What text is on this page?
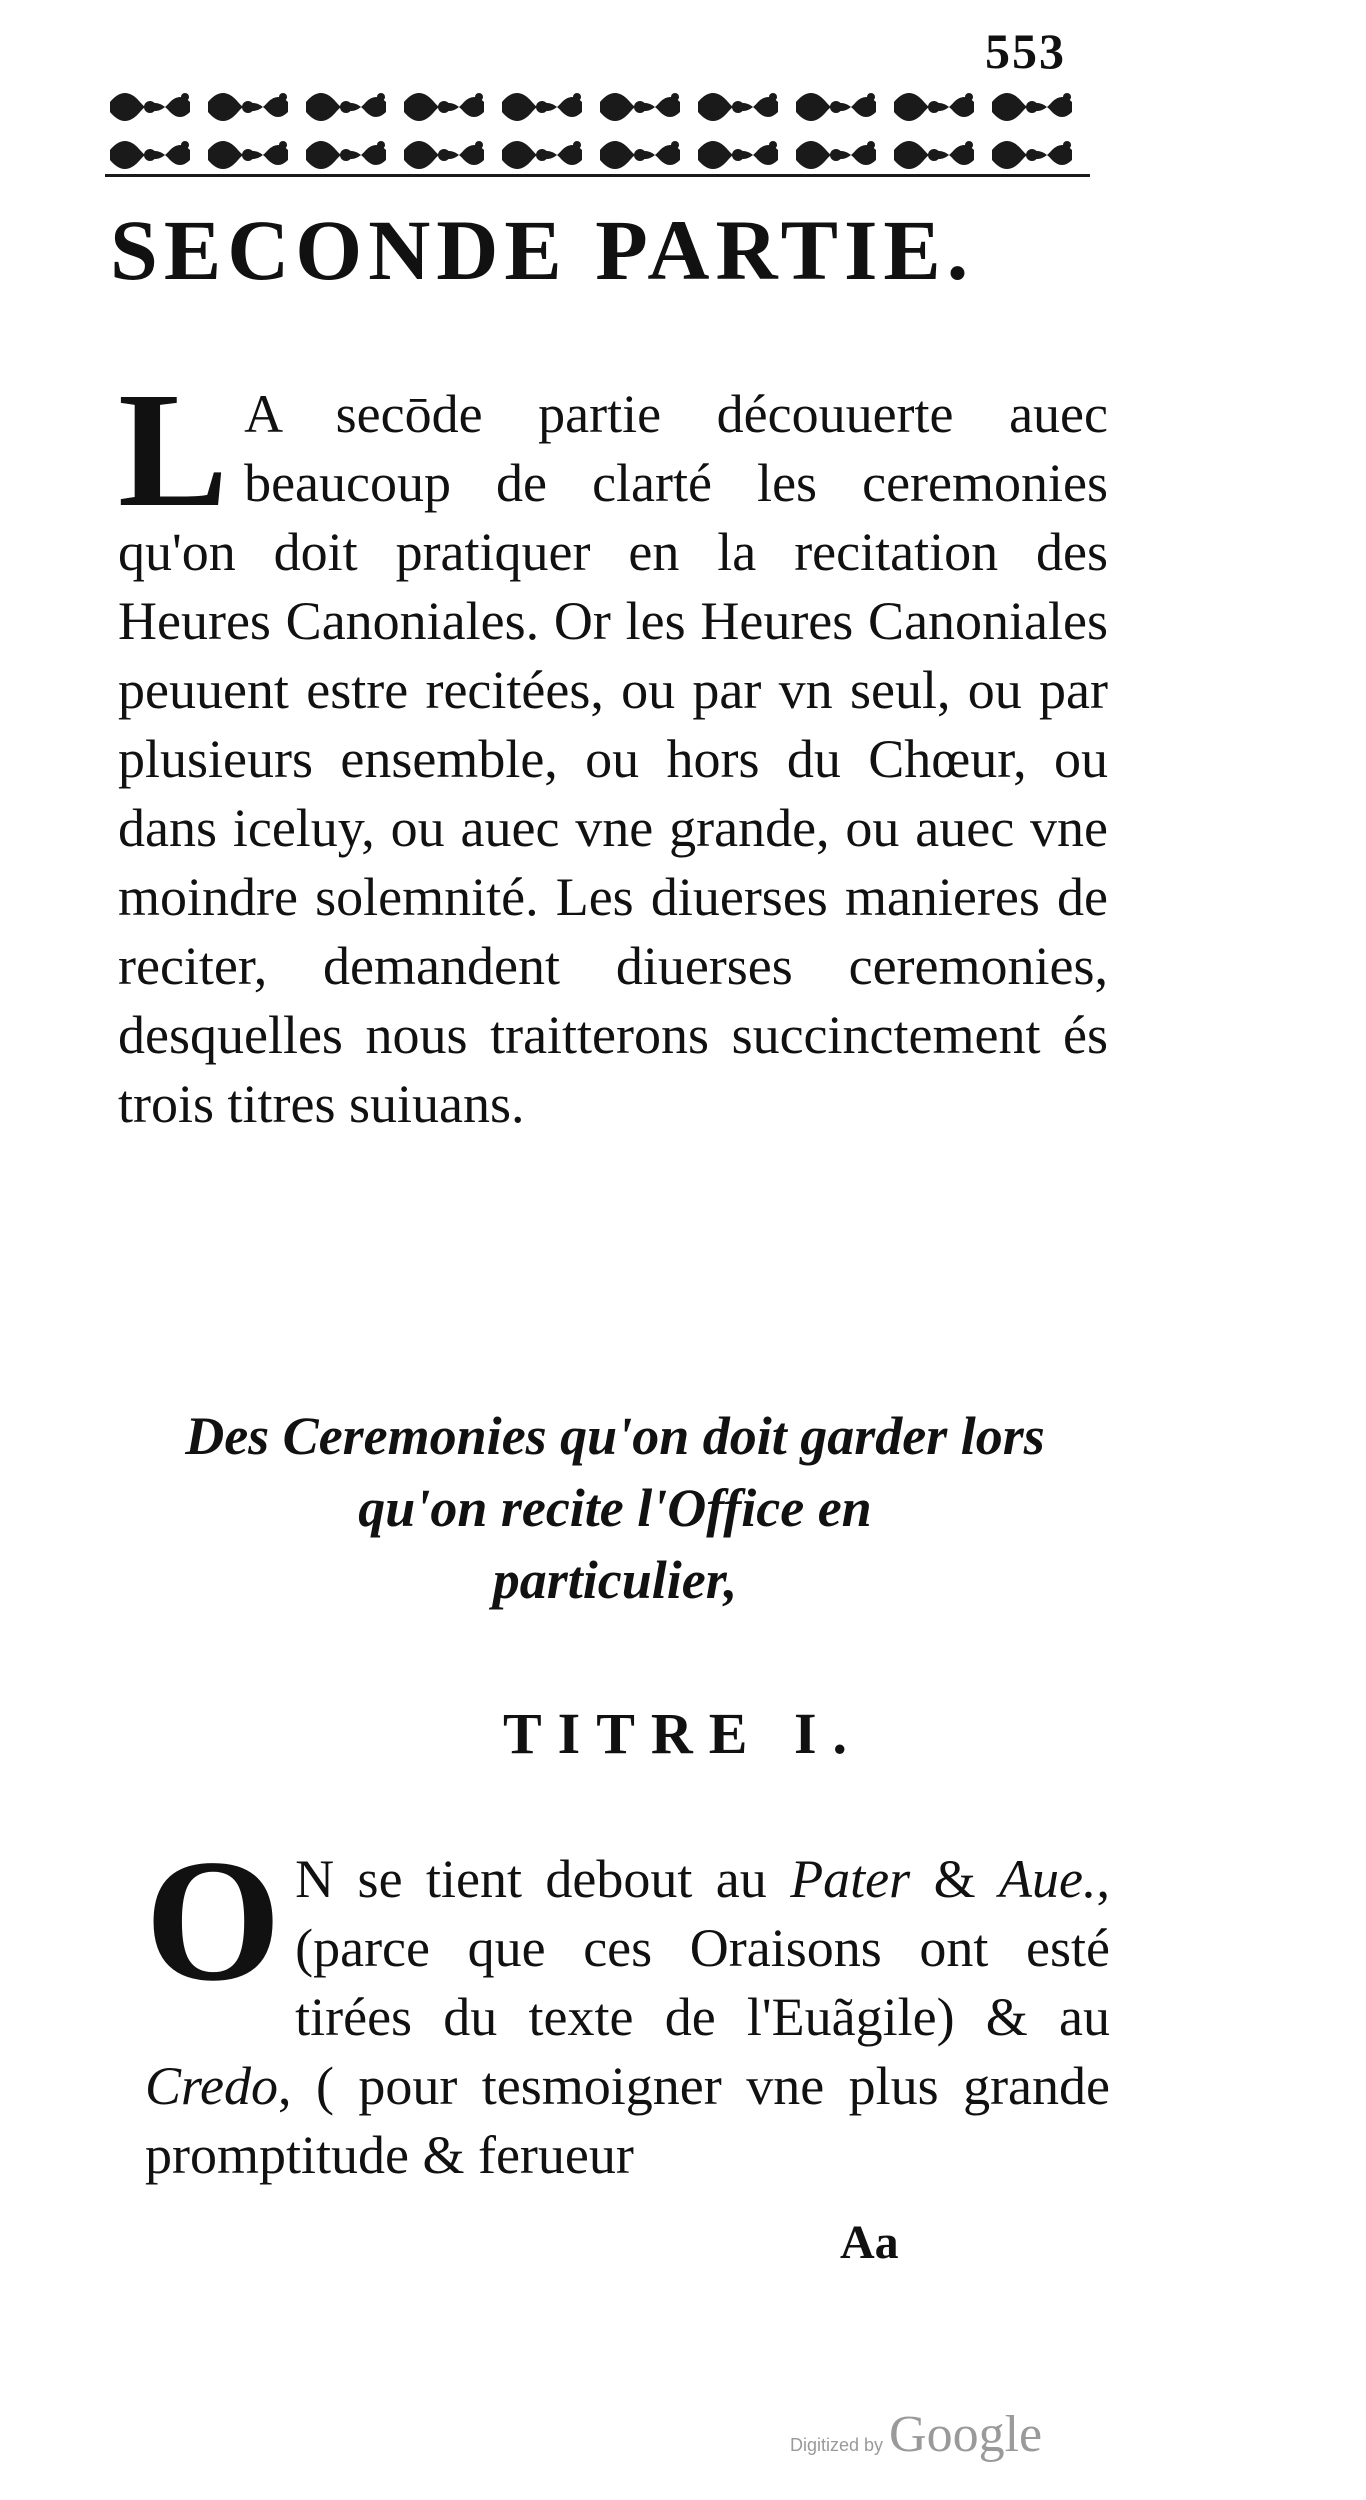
553
SECONDE PARTIE.
L A secōde partie découuerte auec beaucoup de clarté les ceremonies qu'on doit pratiquer en la recitation des Heures Canoniales. Or les Heures Canoniales peuuent estre recitées, ou par vn seul, ou par plusieurs ensemble, ou hors du Chœur, ou dans iceluy, ou auec vne grande, ou auec vne moindre solemnité. Les diuerses manieres de reciter, demandent diuerses ceremonies, desquelles nous traitterons succinctement és trois titres suiuans.
Des Ceremonies qu'on doit garder lors
qu'on recite l'Office en
particulier,
TITRE I.
O N se tient debout au Pater & Aue., (parce que ces Oraisons ont esté tirées du texte de l'Euãgile) & au Credo, ( pour tesmoigner vne plus grande promptitude & ferueur
Aa
Digitized by Google
